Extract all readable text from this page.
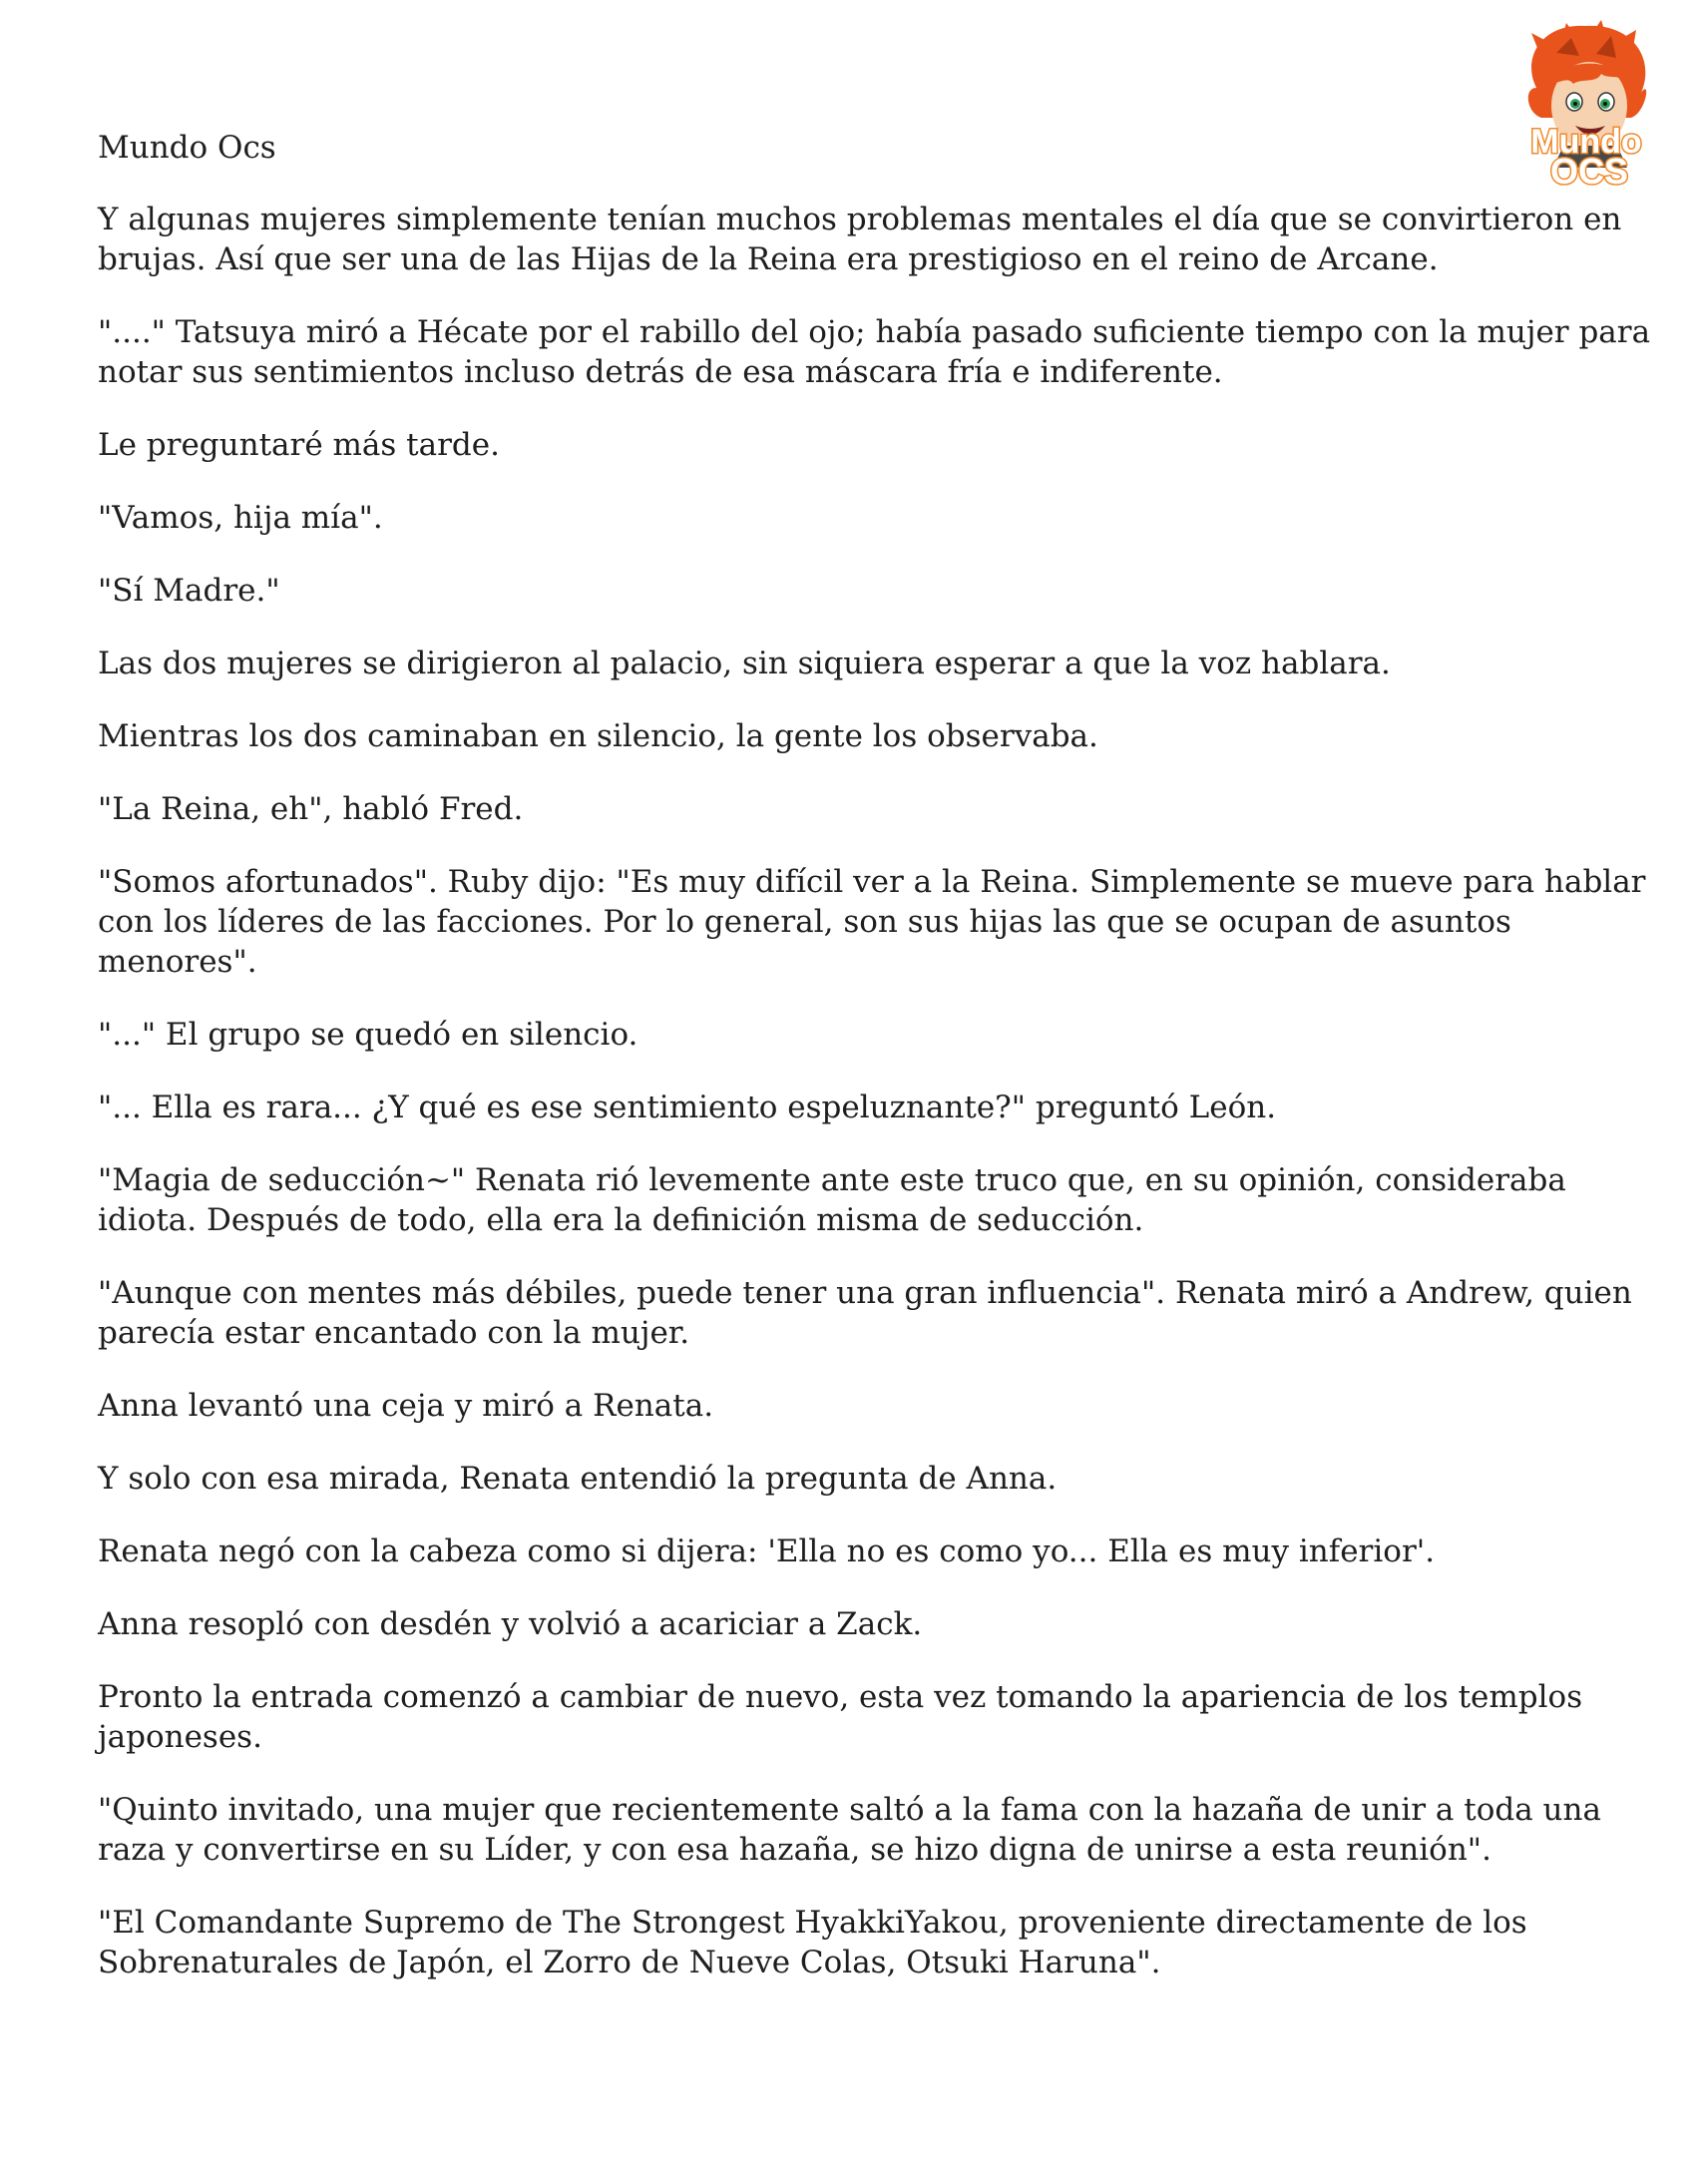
Mundo
OCS
Mundo Ocs

Y algunas mujeres simplemente tenían muchos problemas mentales el día que se convirtieron en brujas. Así que ser una de las Hijas de la Reina era prestigioso en el reino de Arcane.

"...." Tatsuya miró a Hécate por el rabillo del ojo; había pasado suficiente tiempo con la mujer para notar sus sentimientos incluso detrás de esa máscara fría e indiferente.

Le preguntaré más tarde.

"Vamos, hija mía".

"Sí Madre."

Las dos mujeres se dirigieron al palacio, sin siquiera esperar a que la voz hablara.

Mientras los dos caminaban en silencio, la gente los observaba.

"La Reina, eh", habló Fred.

"Somos afortunados". Ruby dijo: "Es muy difícil ver a la Reina. Simplemente se mueve para hablar con los líderes de las facciones. Por lo general, son sus hijas las que se ocupan de asuntos menores".

"..." El grupo se quedó en silencio.

"... Ella es rara... ¿Y qué es ese sentimiento espeluznante?" preguntó León.

"Magia de seducción~" Renata rió levemente ante este truco que, en su opinión, consideraba idiota. Después de todo, ella era la definición misma de seducción.

"Aunque con mentes más débiles, puede tener una gran influencia". Renata miró a Andrew, quien parecía estar encantado con la mujer.

Anna levantó una ceja y miró a Renata.

Y solo con esa mirada, Renata entendió la pregunta de Anna.

Renata negó con la cabeza como si dijera: 'Ella no es como yo... Ella es muy inferior'.

Anna resopló con desdén y volvió a acariciar a Zack.

Pronto la entrada comenzó a cambiar de nuevo, esta vez tomando la apariencia de los templos japoneses.

"Quinto invitado, una mujer que recientemente saltó a la fama con la hazaña de unir a toda una raza y convertirse en su Líder, y con esa hazaña, se hizo digna de unirse a esta reunión".

"El Comandante Supremo de The Strongest HyakkiYakou, proveniente directamente de los Sobrenaturales de Japón, el Zorro de Nueve Colas, Otsuki Haruna".
